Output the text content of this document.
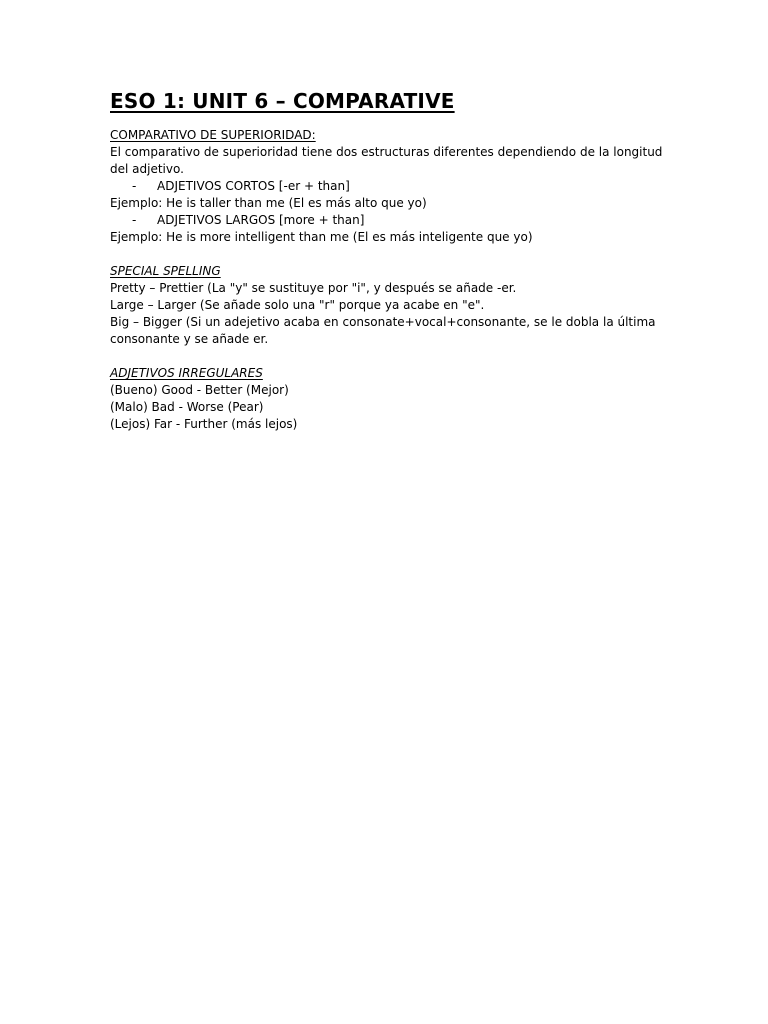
ESO 1: UNIT 6 – COMPARATIVE
COMPARATIVO DE SUPERIORIDAD:
El comparativo de superioridad tiene dos estructuras diferentes dependiendo de la longitud del adjetivo.
- ADJETIVOS CORTOS [-er + than]
Ejemplo: He is taller than me (El es más alto que yo)
- ADJETIVOS LARGOS [more + than]
Ejemplo: He is more intelligent than me (El es más inteligente que yo)
SPECIAL SPELLING
Pretty – Prettier (La "y" se sustituye por "i", y después se añade -er.
Large – Larger (Se añade solo una "r" porque ya acabe en "e".
Big – Bigger (Si un adejetivo acaba en consonate+vocal+consonante, se le dobla la última consonante y se añade er.
ADJETIVOS IRREGULARES
(Bueno) Good - Better (Mejor)
(Malo) Bad - Worse (Pear)
(Lejos) Far - Further (más lejos)
